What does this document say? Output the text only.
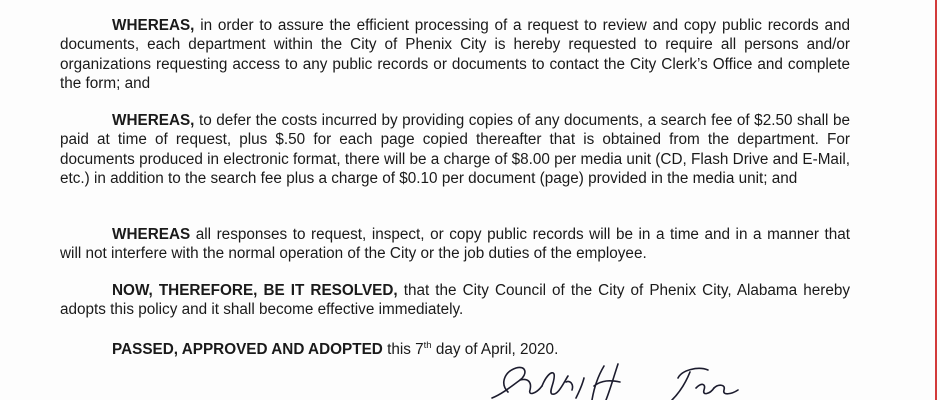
WHEREAS, in order to assure the efficient processing of a request to review and copy public records and documents, each department within the City of Phenix City is hereby requested to require all persons and/or organizations requesting access to any public records or documents to contact the City Clerk’s Office and complete the form; and

WHEREAS, to defer the costs incurred by providing copies of any documents, a search fee of $2.50 shall be paid at time of request, plus $.50 for each page copied thereafter that is obtained from the department. For documents produced in electronic format, there will be a charge of $8.00 per media unit (CD, Flash Drive and E-Mail, etc.) in addition to the search fee plus a charge of $0.10 per document (page) provided in the media unit; and

WHEREAS all responses to request, inspect, or copy public records will be in a time and in a manner that will not interfere with the normal operation of the City or the job duties of the employee.

NOW, THEREFORE, BE IT RESOLVED, that the City Council of the City of Phenix City, Alabama hereby adopts this policy and it shall become effective immediately.

PASSED, APPROVED AND ADOPTED this 7th day of April, 2020.
